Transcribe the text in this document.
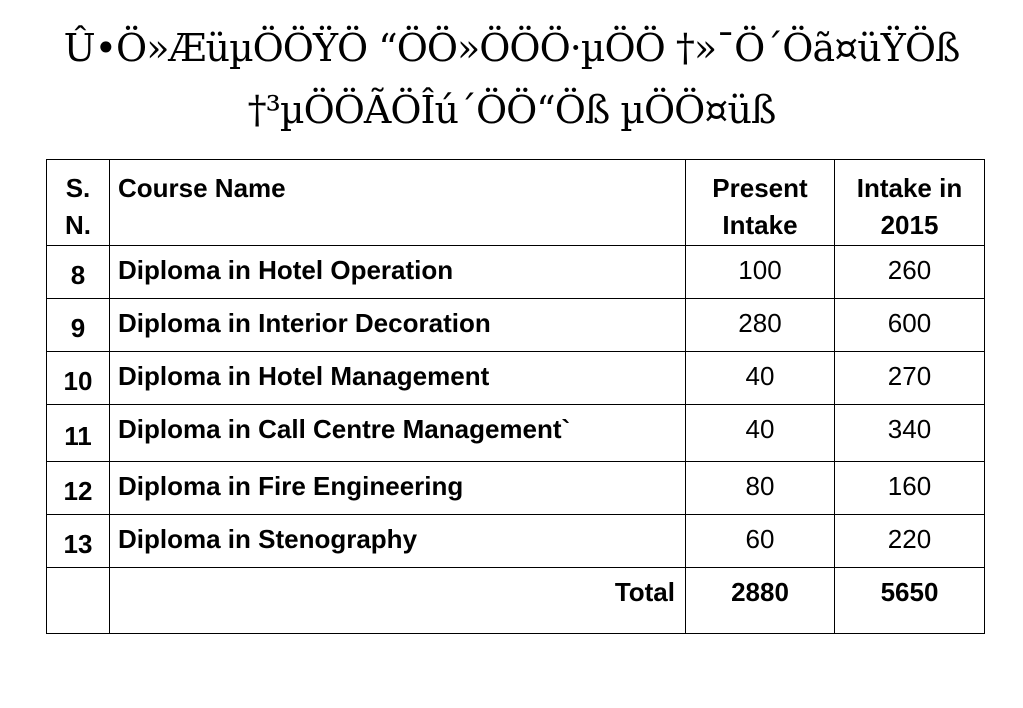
Û•Ö»ÆüµÖÖŸÖ “ÖÖ»ÖÖÖ·µÖÖ †»¯Ö´Öã¤üŸÖß
†³µÖÖÃÖÎú´ÖÖ“Öß µÖÖ¤üß
S. N.	Course Name	Present Intake	Intake in 2015
8	Diploma in Hotel Operation	100	260
9	Diploma in Interior Decoration	280	600
10	Diploma in Hotel Management	40	270
11	Diploma in Call Centre Management`	40	340
12	Diploma in Fire Engineering	80	160
13	Diploma in Stenography	60	220
	Total	2880	5650
